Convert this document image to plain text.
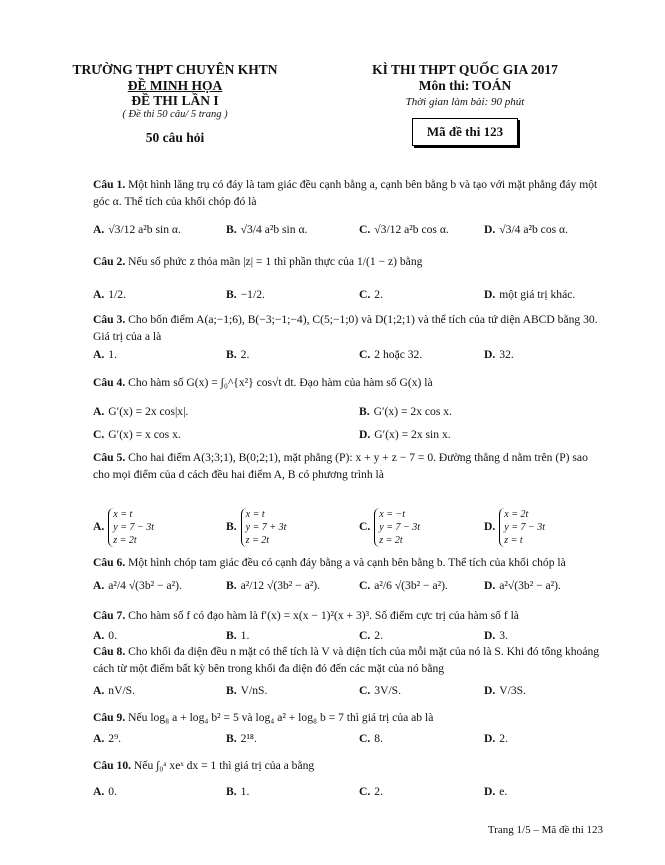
TRƯỜNG THPT CHUYÊN KHTN
ĐỀ MINH HỌA
ĐỀ THI LẦN I
( Đề thi 50 câu/ 5 trang )
50 câu hỏi
KÌ THI THPT QUỐC GIA 2017
Môn thi: TOÁN
Thời gian làm bài: 90 phút
Mã đề thi 123
Câu 1. Một hình lăng trụ có đáy là tam giác đều cạnh bằng a, cạnh bên bằng b và tạo với mặt phẳng đáy một góc α. Thể tích của khối chóp đó là
A. √3/12 a²b sin α.	B. √3/4 a²b sin α.	C. √3/12 a²b cos α.	D. √3/4 a²b cos α.
Câu 2. Nếu số phức z thỏa mãn |z| = 1 thì phần thực của 1/(1 − z) bằng
A. 1/2.	B. −1/2.	C. 2.	D. một giá trị khác.
Câu 3. Cho bốn điểm A(a;−1;6), B(−3;−1;−4), C(5;−1;0) và D(1;2;1) và thể tích của tứ diện ABCD bằng 30. Giá trị của a là
A. 1.	B. 2.	C. 2 hoặc 32.	D. 32.
Câu 4. Cho hàm số G(x) = ∫₀^{x²} cos√t dt. Đạo hàm của hàm số G(x) là
A. G′(x) = 2x cos|x|.	B. G′(x) = 2x cos x.
C. G′(x) = x cos x.	D. G′(x) = 2x sin x.
Câu 5. Cho hai điểm A(3;3;1), B(0;2;1), mặt phẳng (P): x + y + z − 7 = 0. Đường thẳng d nằm trên (P) sao cho mọi điểm của d cách đều hai điểm A, B có phương trình là
A.
x = t
y = 7 − 3t
z = 2t
B.
x = t
y = 7 + 3t
z = 2t
C.
x = −t
y = 7 − 3t
z = 2t
D.
x = 2t
y = 7 − 3t
z = t
Câu 6. Một hình chóp tam giác đều có cạnh đáy bằng a và cạnh bên bằng b. Thể tích của khối chóp là
A. a²/4 √(3b² − a²).	B. a²/12 √(3b² − a²).	C. a²/6 √(3b² − a²).	D. a²√(3b² − a²).
Câu 7. Cho hàm số f có đạo hàm là f′(x) = x(x − 1)²(x + 3)³. Số điểm cực trị của hàm số f là
A. 0.	B. 1.	C. 2.	D. 3.
Câu 8. Cho khối đa diện đều n mặt có thể tích là V và diện tích của mỗi mặt của nó là S. Khi đó tổng khoảng cách từ một điểm bất kỳ bên trong khối đa diện đó đến các mặt của nó bằng
A. nV/S.	B. V/nS.	C. 3V/S.	D. V/3S.
Câu 9. Nếu log₈ a + log₄ b² = 5 và log₄ a² + log₈ b = 7 thì giá trị của ab là
A. 2⁹.	B. 2¹⁸.	C. 8.	D. 2.
Câu 10. Nếu ∫₀ᵃ xeˣ dx = 1 thì giá trị của a bằng
A. 0.	B. 1.	C. 2.	D. e.
Trang 1/5 – Mã đề thi 123
